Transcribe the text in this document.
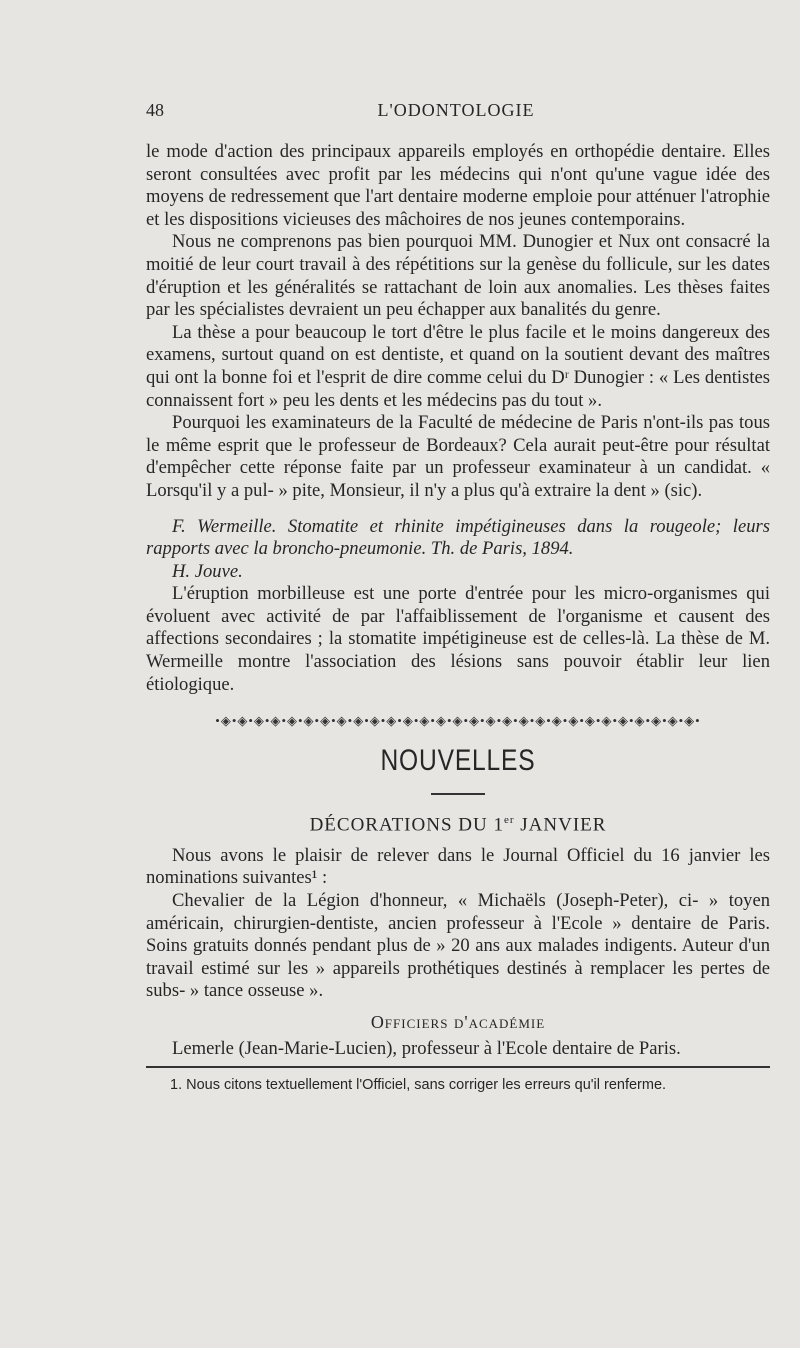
48	L'ODONTOLOGIE

le mode d'action des principaux appareils employés en orthopédie dentaire. Elles seront consultées avec profit par les médecins qui n'ont qu'une vague idée des moyens de redressement que l'art dentaire moderne emploie pour atténuer l'atrophie et les dispositions vicieuses des mâchoires de nos jeunes contemporains.

Nous ne comprenons pas bien pourquoi MM. Dunogier et Nux ont consacré la moitié de leur court travail à des répétitions sur la genèse du follicule, sur les dates d'éruption et les généralités se rattachant de loin aux anomalies. Les thèses faites par les spécialistes devraient un peu échapper aux banalités du genre.

La thèse a pour beaucoup le tort d'être le plus facile et le moins dangereux des examens, surtout quand on est dentiste, et quand on la soutient devant des maîtres qui ont la bonne foi et l'esprit de dire comme celui du Dʳ Dunogier : « Les dentistes connaissent fort » peu les dents et les médecins pas du tout ».

Pourquoi les examinateurs de la Faculté de médecine de Paris n'ont-ils pas tous le même esprit que le professeur de Bordeaux? Cela aurait peut-être pour résultat d'empêcher cette réponse faite par un professeur examinateur à un candidat. « Lorsqu'il y a pul- » pite, Monsieur, il n'y a plus qu'à extraire la dent » (sic).

F. Wermeille. Stomatite et rhinite impétigineuses dans la rougeole; leurs rapports avec la broncho-pneumonie. Th. de Paris, 1894.
H. Jouve.

L'éruption morbilleuse est une porte d'entrée pour les micro-organismes qui évoluent avec activité de par l'affaiblissement de l'organisme et causent des affections secondaires ; la stomatite impétigineuse est de celles-là. La thèse de M. Wermeille montre l'association des lésions sans pouvoir établir leur lien étiologique.

•◈•◈•◈•◈•◈•◈•◈•◈•◈•◈•◈•◈•◈•◈•◈•◈•◈•◈•◈•◈•◈•◈•◈•◈•◈•◈•◈•◈•◈•
NOUVELLES
DÉCORATIONS DU 1er JANVIER

Nous avons le plaisir de relever dans le Journal Officiel du 16 janvier les nominations suivantes¹ :

Chevalier de la Légion d'honneur, « Michaëls (Joseph-Peter), ci- » toyen américain, chirurgien-dentiste, ancien professeur à l'Ecole » dentaire de Paris. Soins gratuits donnés pendant plus de » 20 ans aux malades indigents. Auteur d'un travail estimé sur les » appareils prothétiques destinés à remplacer les pertes de subs- » tance osseuse ».

Officiers d'académie

Lemerle (Jean-Marie-Lucien), professeur à l'Ecole dentaire de Paris.

1. Nous citons textuellement l'Officiel, sans corriger les erreurs qu'il renferme.
